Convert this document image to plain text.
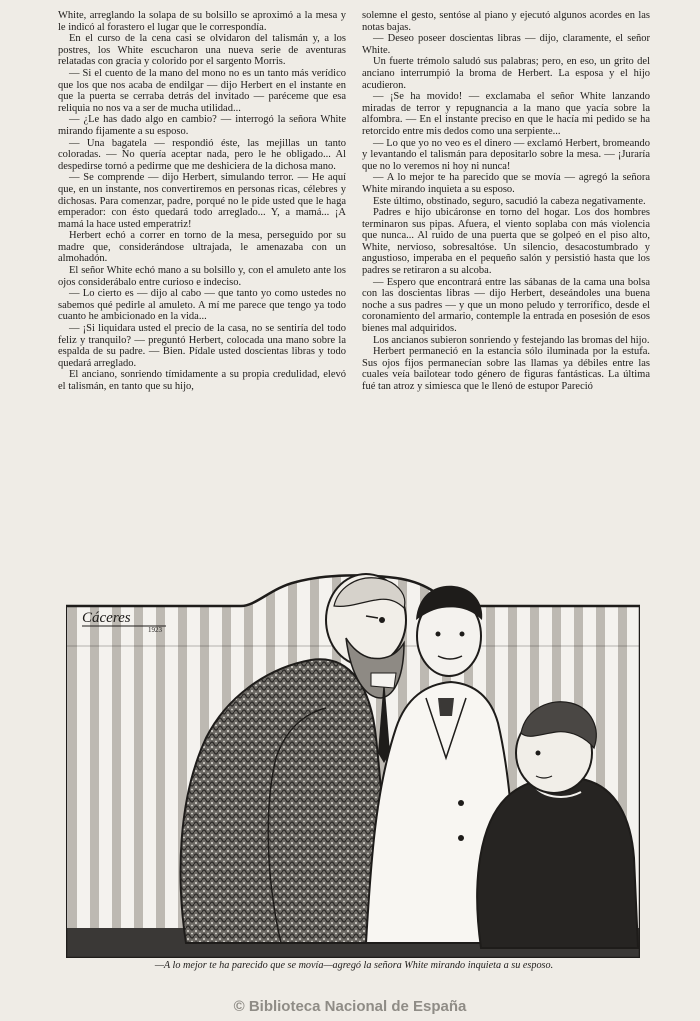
White, arreglando la solapa de su bolsillo se aproximó a la mesa y le indicó al forastero el lugar que le correspondía.

En el curso de la cena casi se olvidaron del talismán y, a los postres, los White escucharon una nueva serie de aventuras relatadas con gracia y colorido por el sargento Morris.

— Si el cuento de la mano del mono no es un tanto más verídico que los que nos acaba de endilgar — dijo Herbert en el instante en que la puerta se cerraba detrás del invitado — paréceme que esa reliquia no nos va a ser de mucha utilidad...

— ¿Le has dado algo en cambio? — interrogó la señora White mirando fijamente a su esposo.

— Una bagatela — respondió éste, las mejillas un tanto coloradas. — No quería aceptar nada, pero le he obligado... Al despedirse tornó a pedirme que me deshiciera de la dichosa mano.

— Se comprende — dijo Herbert, simulando terror. — He aquí que, en un instante, nos convertiremos en personas ricas, célebres y dichosas. Para comenzar, padre, porqué no le pide usted que le haga emperador: con ésto quedará todo arreglado... Y, a mamá... ¡A mamá la hace usted emperatriz!

Herbert echó a correr en torno de la mesa, perseguido por su madre que, considerándose ultrajada, le amenazaba con un almohadón.

El señor White echó mano a su bolsillo y, con el amuleto ante los ojos considerábalo entre curioso e indeciso.

— Lo cierto es — dijo al cabo — que tanto yo como ustedes no sabemos qué pedirle al amuleto. A mí me parece que tengo ya todo cuanto he ambicionado en la vida...

— ¡Si liquidara usted el precio de la casa, no se sentiría del todo feliz y tranquilo? — preguntó Herbert, colocada una mano sobre la espalda de su padre. — Bien. Pídale usted doscientas libras y todo quedará arreglado.

El anciano, sonriendo tímidamente a su propia credulidad, elevó el talismán, en tanto que su hijo,

solemne el gesto, sentóse al piano y ejecutó algunos acordes en las notas bajas.

— Deseo poseer doscientas libras — dijo, claramente, el señor White.

Un fuerte trémolo saludó sus palabras; pero, en eso, un grito del anciano interrumpió la broma de Herbert. La esposa y el hijo acudieron.

— ¡Se ha movido! — exclamaba el señor White lanzando miradas de terror y repugnancia a la mano que yacía sobre la alfombra. — En el instante preciso en que le hacía mi pedido se ha retorcido entre mis dedos como una serpiente...

— Lo que yo no veo es el dinero — exclamó Herbert, bromeando y levantando el talismán para depositarlo sobre la mesa. — ¡Juraría que no lo veremos ni hoy ni nunca!

— A lo mejor te ha parecido que se movía — agregó la señora White mirando inquieta a su esposo.

Este último, obstinado, seguro, sacudió la cabeza negativamente.

Padres e hijo ubicáronse en torno del hogar. Los dos hombres terminaron sus pipas. Afuera, el viento soplaba con más violencia que nunca... Al ruido de una puerta que se golpeó en el piso alto, White, nervioso, sobresaltóse. Un silencio, desacostumbrado y angustioso, imperaba en el pequeño salón y persistió hasta que los padres se retiraron a su alcoba.

— Espero que encontrará entre las sábanas de la cama una bolsa con las doscientas libras — dijo Herbert, deseándoles una buena noche a sus padres — y que un mono peludo y terrorífico, desde el coronamiento del armario, contemple la entrada en posesión de esos bienes mal adquiridos.

Los ancianos subieron sonriendo y festejando las bromas del hijo.

Herbert permaneció en la estancia sólo iluminada por la estufa. Sus ojos fijos permanecían sobre las llamas ya débiles entre las cuales veía bailotear todo género de figuras fantásticas. La última fué tan atroz y simiesca que le llenó de estupor Pareció

Cáceres
1923
—A lo mejor te ha parecido que se movía—agregó la señora White mirando inquieta a su esposo.
© Biblioteca Nacional de España
